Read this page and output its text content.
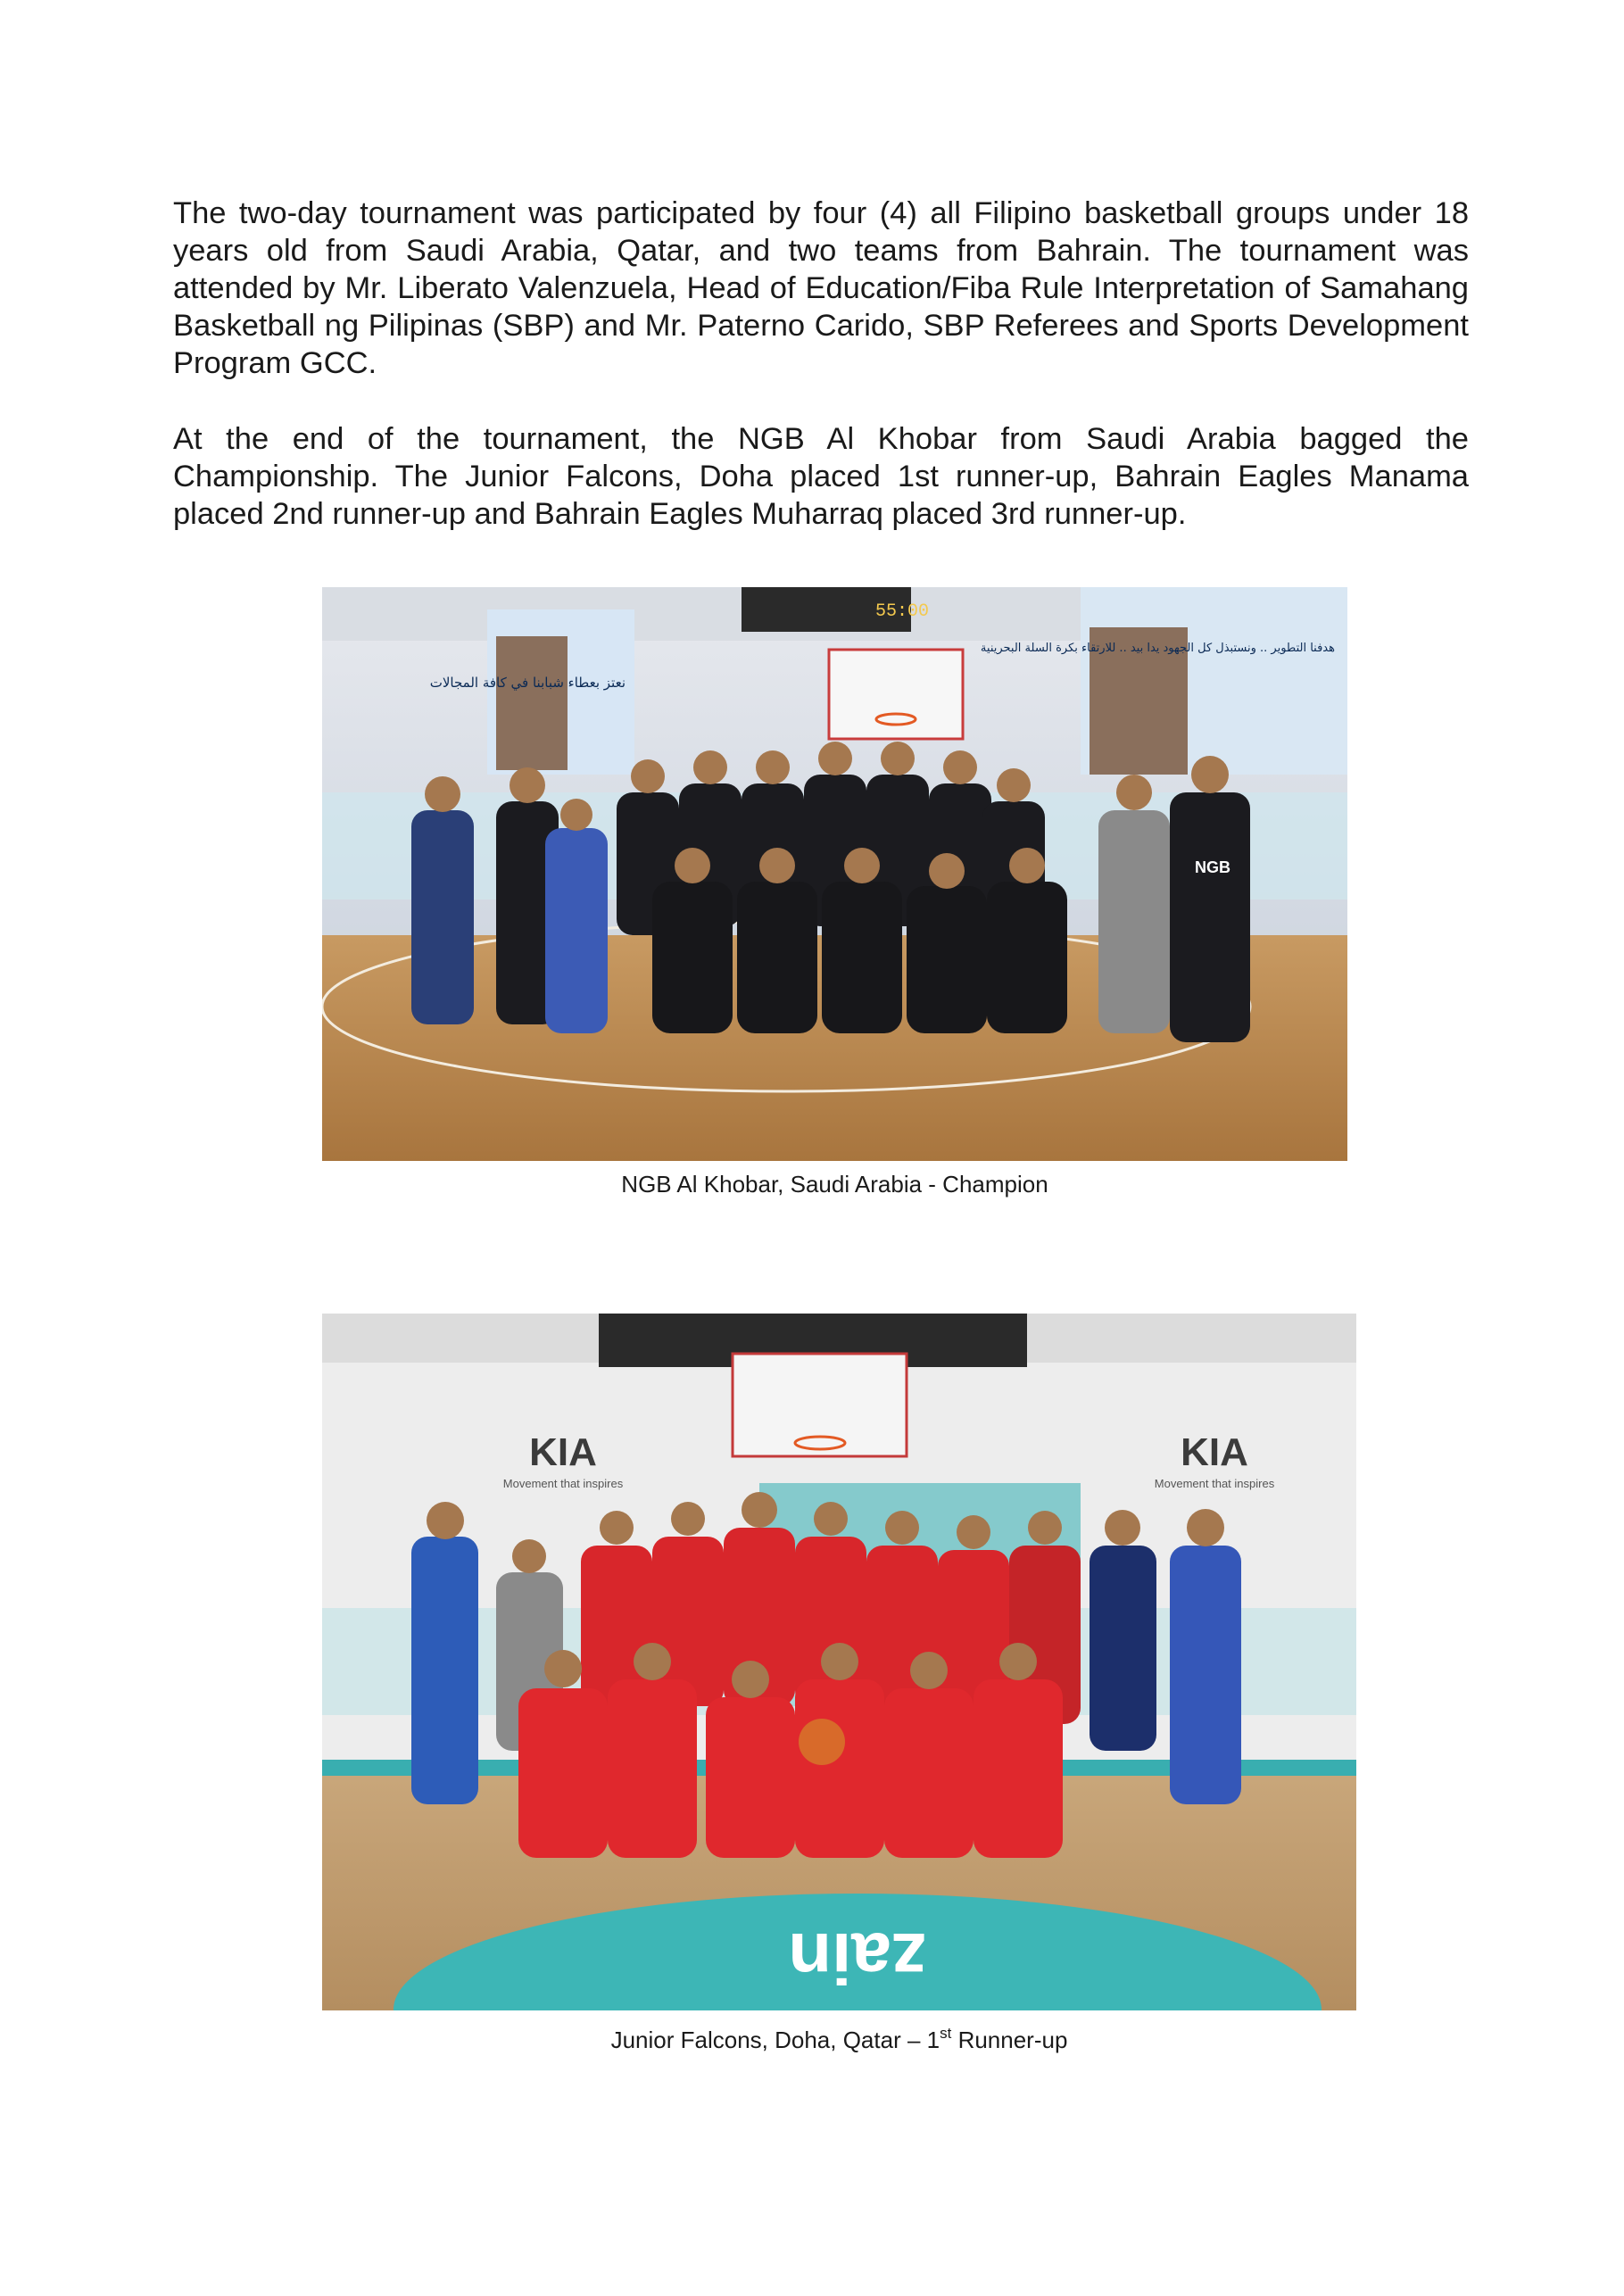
The two-day tournament was participated by four (4) all Filipino basketball groups under 18 years old from Saudi Arabia, Qatar, and two teams from Bahrain. The tournament was attended by Mr. Liberato Valenzuela, Head of Education/Fiba Rule Interpretation of Samahang Basketball ng Pilipinas (SBP) and Mr. Paterno Carido, SBP Referees and Sports Development Program GCC.

At the end of the tournament, the NGB Al Khobar from Saudi Arabia bagged the Championship. The Junior Falcons, Doha placed 1st runner-up, Bahrain Eagles Manama placed 2nd runner-up and Bahrain Eagles Muharraq placed 3rd runner-up.

55:00
نعتز بعطاء شبابنا في كافة المجالات
هدفنا التطوير .. ونستبذل كل الجهود يدا بيد .. للارتقاء بكرة السلة البحرينية
NGB

NGB Al Khobar, Saudi Arabia - Champion

KIA
Movement that inspires
KIA
Movement that inspires
zain

Junior Falcons, Doha, Qatar – 1st Runner-up
